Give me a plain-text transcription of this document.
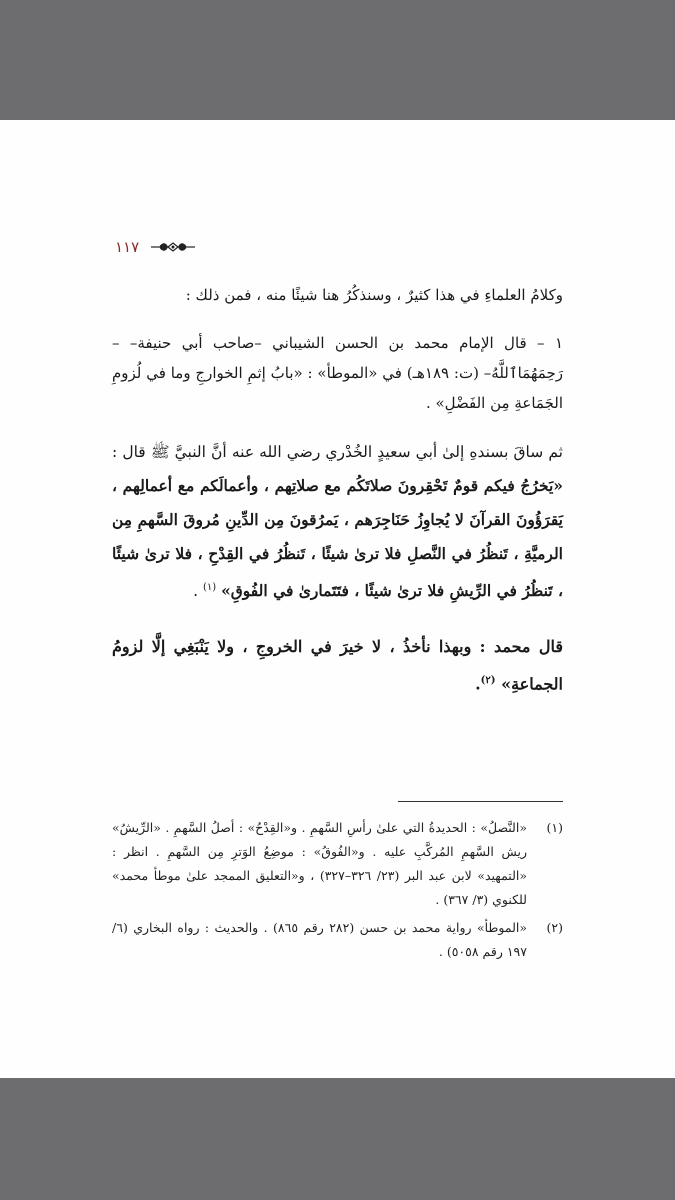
١١٧

وكلامُ العلماءِ في هذا كثيرٌ ، وسنذكُرُ هنا شيئًا منه ، فمن ذلك :

١ – قال الإمام محمد بن الحسن الشيباني –صاحب أبي حنيفة– –رَحِمَهُمَاٱللَّهُ– (ت: ١٨٩هـ) في «الموطأ» : «بابُ إثمِ الخوارجِ وما في لُزومِ الجَمَاعةِ مِن الفَضْلِ» .

ثم ساقَ بسندهِ إلىٰ أبي سعيدٍ الخُدْري رضي الله عنه أنَّ النبيَّ ﷺ قال : «يَخرُجُ فيكم قومٌ تَحْقِرونَ صلاتَكُم مع صلاتِهم ، وأعمالَكم مع أعمالِهم ، يَقرَؤُونَ القرآنَ لا يُجاوِزُ حَنَاجِرَهم ، يَمرُقونَ مِن الدِّينِ مُروقَ السَّهمِ مِن الرميَّةِ ، تَنظُرُ في النَّصلِ فلا ترىٰ شيئًا ، تَنظُرُ في القِدْحِ ، فلا ترىٰ شيئًا ، تَنظُرُ في الرِّيشِ فلا ترىٰ شيئًا ، فتَتَمارىٰ في الفُوقِ» $^{(١)}$ .

قال محمد : وبهذا نأخذُ ، لا خيرَ في الخروجِ ، ولا يَنْبَغِي إلَّا لزومُ الجماعةِ» $^{(٢)}$.

(١)
«النَّصلُ» : الحديدةُ التي علىٰ رأسِ السَّهمِ . و«القِدْحُ» : أصلُ السَّهمِ . «الرِّيشُ» ريش السَّهمِ المُركَّبِ عليه . و«الفُوقُ» : موضِعُ الوَترِ مِن السَّهمِ . انظر : «التمهيد» لابن عبد البر (٢٣/ ٣٢٦–٣٢٧) ، و«التعليق الممجد علىٰ موطأ محمد» للكنوي (٣/ ٣٦٧) .
(٢)
«الموطأ» رواية محمد بن حسن (٢٨٢ رقم ٨٦٥) . والحديث : رواه البخاري (٦/ ١٩٧ رقم ٥٠٥٨) .
